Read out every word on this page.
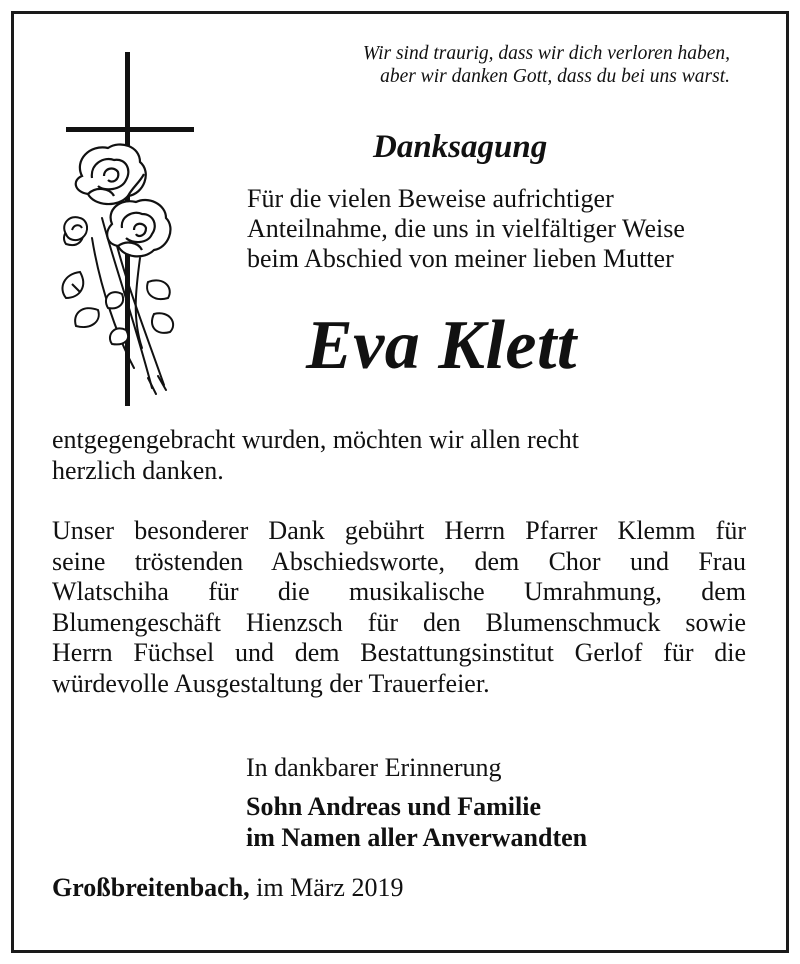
Wir sind traurig, dass wir dich verloren haben,
aber wir danken Gott, dass du bei uns warst.
Danksagung
Für die vielen Beweise aufrichtiger
Anteilnahme, die uns in vielfältiger Weise
beim Abschied von meiner lieben Mutter
Eva Klett
entgegengebracht wurden, möchten wir allen recht
herzlich danken.
Unser besonderer Dank gebührt Herrn Pfarrer Klemm für
seine tröstenden Abschiedsworte, dem Chor und Frau
Wlatschiha für die musikalische Umrahmung, dem
Blumengeschäft Hienzsch für den Blumenschmuck sowie
Herrn Füchsel und dem Bestattungsinstitut Gerlof für die
würdevolle Ausgestaltung der Trauerfeier.
In dankbarer Erinnerung
Sohn Andreas und Familie
im Namen aller Anverwandten
Großbreitenbach, im März 2019
